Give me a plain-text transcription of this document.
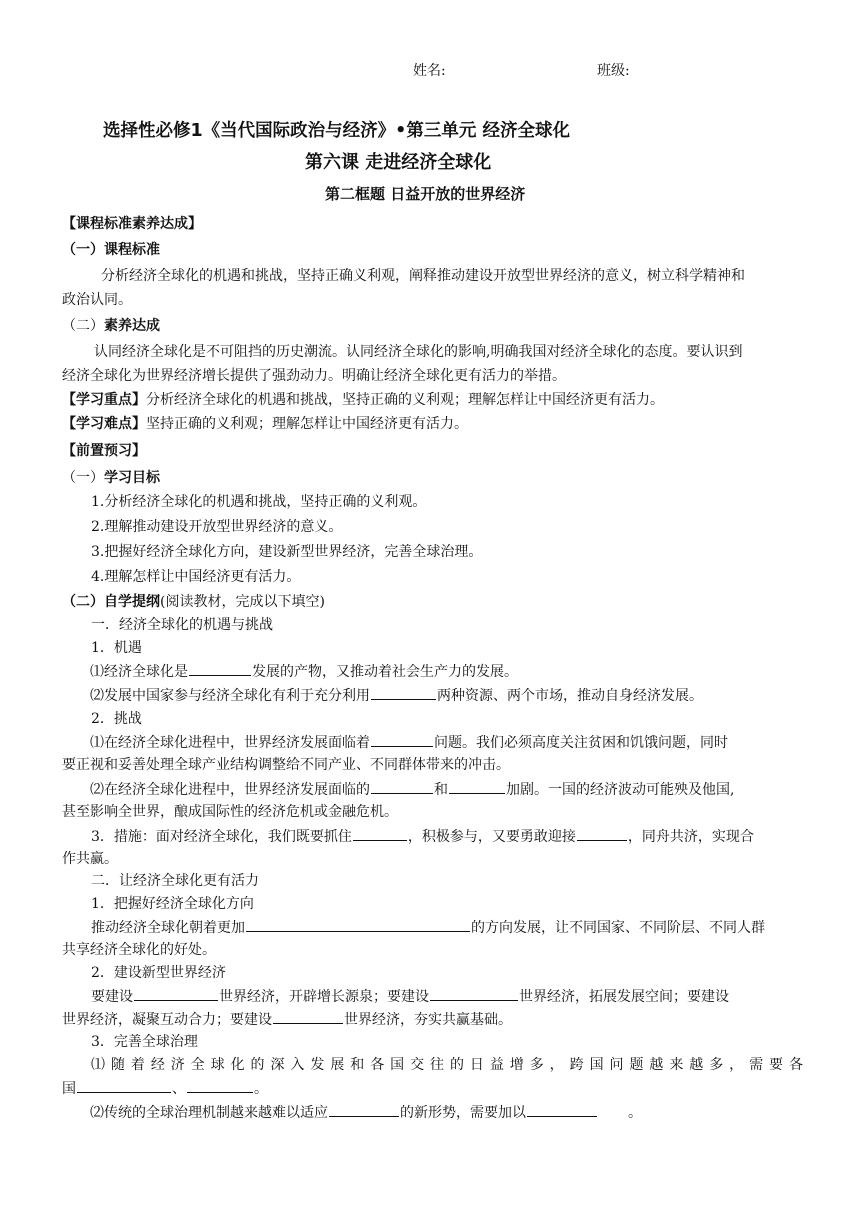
姓名:	班级:
选择性必修1《当代国际政治与经济》•第三单元 经济全球化
第六课 走进经济全球化
第二框题 日益开放的世界经济
【课程标准素养达成】
（一）课程标准
分析经济全球化的机遇和挑战，坚持正确义利观，阐释推动建设开放型世界经济的意义，树立科学精神和
政治认同。
（二）素养达成
认同经济全球化是不可阻挡的历史潮流。认同经济全球化的影响,明确我国对经济全球化的态度。要认识到
经济全球化为世界经济增长提供了强劲动力。明确让经济全球化更有活力的举措。
【学习重点】分析经济全球化的机遇和挑战，坚持正确的义利观；理解怎样让中国经济更有活力。
【学习难点】坚持正确的义利观；理解怎样让中国经济更有活力。
【前置预习】
（一）学习目标
1.分析经济全球化的机遇和挑战，坚持正确的义利观。
2.理解推动建设开放型世界经济的意义。
3.把握好经济全球化方向，建设新型世界经济，完善全球治理。
4.理解怎样让中国经济更有活力。
（二）自学提纲(阅读教材，完成以下填空)
一．经济全球化的机遇与挑战
1．机遇
⑴经济全球化是	发展的产物，又推动着社会生产力的发展。
⑵发展中国家参与经济全球化有利于充分利用	两种资源、两个市场，推动自身经济发展。
2．挑战
⑴在经济全球化进程中，世界经济发展面临着	问题。我们必须高度关注贫困和饥饿问题，同时
要正视和妥善处理全球产业结构调整给不同产业、不同群体带来的冲击。
⑵在经济全球化进程中，世界经济发展面临的	和	加剧。一国的经济波动可能殃及他国,
甚至影响全世界，酿成国际性的经济危机或金融危机。
3．措施：面对经济全球化，我们既要抓住	，积极参与，又要勇敢迎接	，同舟共济，实现合
作共赢。
二．让经济全球化更有活力
1．把握好经济全球化方向
推动经济全球化朝着更加	的方向发展，让不同国家、不同阶层、不同人群
共享经济全球化的好处。
2．建设新型世界经济
要建设	世界经济，开辟增长源泉；要建设	世界经济，拓展发展空间；要建设
世界经济，凝聚互动合力；要建设	世界经济，夯实共赢基础。
3．完善全球治理
⑴随着经济全球化的深入发展和各国交往的日益增多，跨国问题越来越多，需要各
国	、	。
⑵传统的全球治理机制越来越难以适应	的新形势，需要加以	。
